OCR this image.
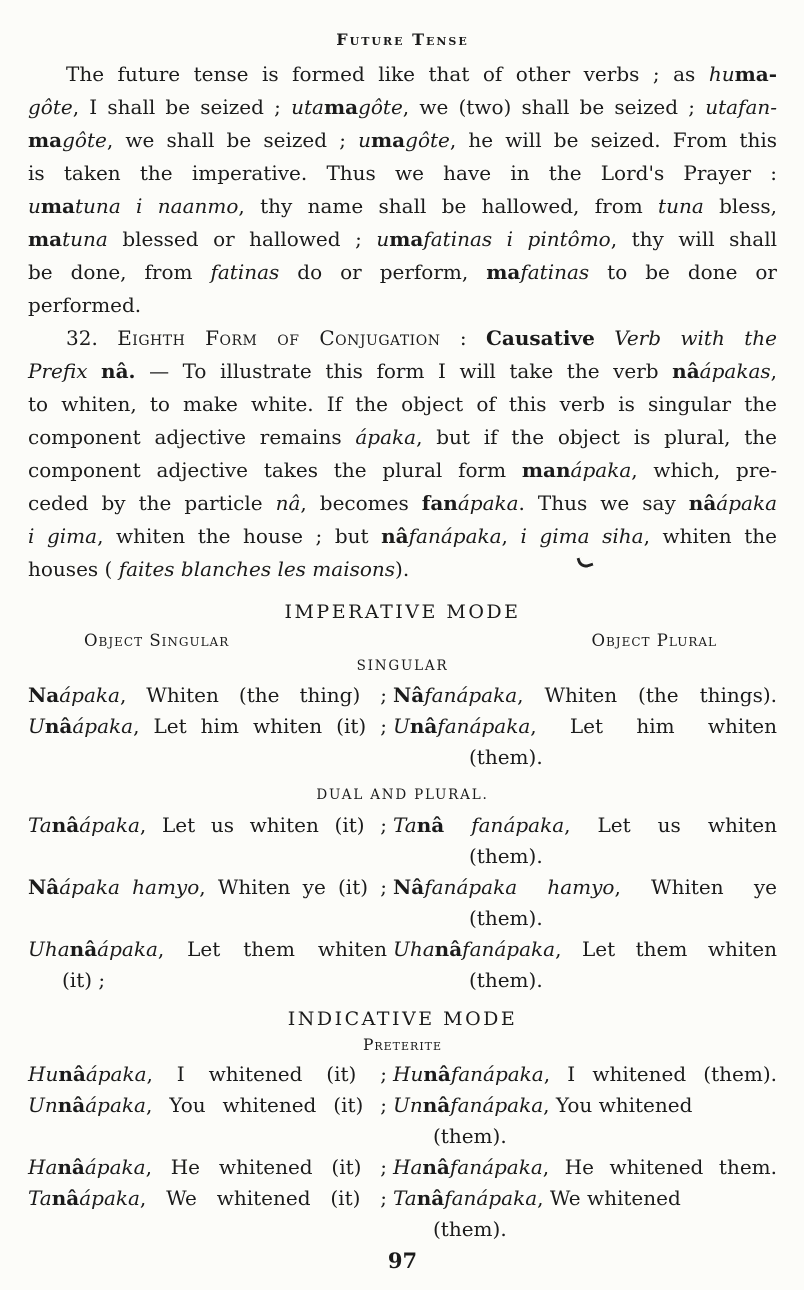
Future Tense
The future tense is formed like that of other verbs ; as huma-
gôte, I shall be seized ; utamagôte, we (two) shall be seized ; utafan-
magôte, we shall be seized ; umagôte, he will be seized. From this
is taken the imperative. Thus we have in the Lord's Prayer :
umatuna i naanmo, thy name shall be hallowed, from tuna bless,
matuna blessed or hallowed ; umafatinas i pintômo, thy will shall
be done, from fatinas do or perform, mafatinas to be done or
performed.
32. Eighth Form of Conjugation : Causative Verb with the
Prefix nâ. — To illustrate this form I will take the verb nâápakas,
to whiten, to make white. If the object of this verb is singular the
component adjective remains ápaka, but if the object is plural, the
component adjective takes the plural form manápaka, which, pre-
ceded by the particle nâ, becomes fanápaka. Thus we say nâápaka
i gima, whiten the house ; but nâfanápaka, i gima siha, whiten the
houses ( faites blanches les maisons).
IMPERATIVE MODE
Object Singular	Object Plural
SINGULAR
Naápaka, Whiten (the thing) ; Nâfanápaka, Whiten (the things).
Unâápaka, Let him whiten (it) ; Unâfanápaka, Let him whiten
(them).
DUAL AND PLURAL.
Tanâápaka, Let us whiten (it) ; Tanâ fanápaka, Let us whiten
(them).
Nâápaka hamyo, Whiten ye (it) ; Nâfanápaka hamyo, Whiten ye
(them).
Uhanâápaka, Let them whiten
(it) ;
Uhanâfanápaka, Let them whiten
(them).
INDICATIVE MODE
Preterite
Hunâápaka, I whitened (it) ; Hunâfanápaka, I whitened (them).
Unnâápaka, You whitened (it) ; Unnâfanápaka, You whitened
(them).
Hanâápaka, He whitened (it) ; Hanâfanápaka, He whitened them.
Tanâápaka, We whitened (it) ; Tanâfanápaka, We whitened
(them).
97
